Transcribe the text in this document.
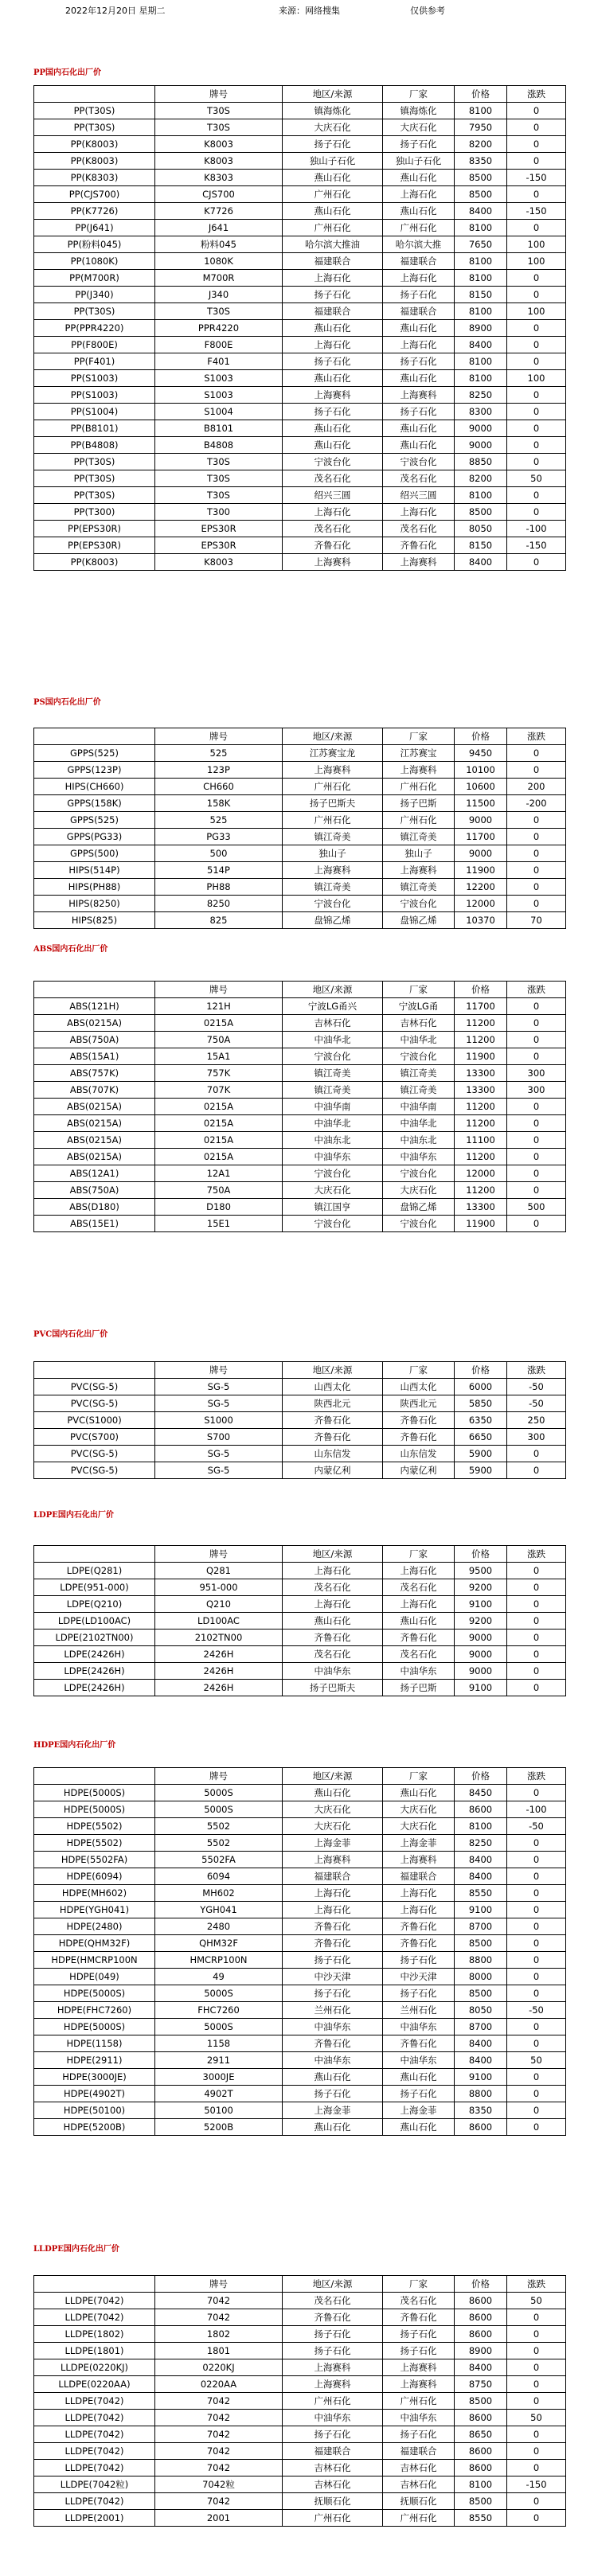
2022年12月20日 星期二	来源：网络搜集	仅供参考
PP国内石化出厂价
	牌号	地区/来源	厂家	价格	涨跌
PP(T30S)	T30S	镇海炼化	镇海炼化	8100	0
PP(T30S)	T30S	大庆石化	大庆石化	7950	0
PP(K8003)	K8003	扬子石化	扬子石化	8200	0
PP(K8003)	K8003	独山子石化	独山子石化	8350	0
PP(K8303)	K8303	燕山石化	燕山石化	8500	-150
PP(CJS700)	CJS700	广州石化	上海石化	8500	0
PP(K7726)	K7726	燕山石化	燕山石化	8400	-150
PP(J641)	J641	广州石化	广州石化	8100	0
PP(粉料045)	粉料045	哈尔滨大推油	哈尔滨大推	7650	100
PP(1080K)	1080K	福建联合	福建联合	8100	100
PP(M700R)	M700R	上海石化	上海石化	8100	0
PP(J340)	J340	扬子石化	扬子石化	8150	0
PP(T30S)	T30S	福建联合	福建联合	8100	100
PP(PPR4220)	PPR4220	燕山石化	燕山石化	8900	0
PP(F800E)	F800E	上海石化	上海石化	8400	0
PP(F401)	F401	扬子石化	扬子石化	8100	0
PP(S1003)	S1003	燕山石化	燕山石化	8100	100
PP(S1003)	S1003	上海赛科	上海赛科	8250	0
PP(S1004)	S1004	扬子石化	扬子石化	8300	0
PP(B8101)	B8101	燕山石化	燕山石化	9000	0
PP(B4808)	B4808	燕山石化	燕山石化	9000	0
PP(T30S)	T30S	宁波台化	宁波台化	8850	0
PP(T30S)	T30S	茂名石化	茂名石化	8200	50
PP(T30S)	T30S	绍兴三圆	绍兴三圆	8100	0
PP(T300)	T300	上海石化	上海石化	8500	0
PP(EPS30R)	EPS30R	茂名石化	茂名石化	8050	-100
PP(EPS30R)	EPS30R	齐鲁石化	齐鲁石化	8150	-150
PP(K8003)	K8003	上海赛科	上海赛科	8400	0
PS国内石化出厂价
	牌号	地区/来源	厂家	价格	涨跌
GPPS(525)	525	江苏赛宝龙	江苏赛宝	9450	0
GPPS(123P)	123P	上海赛科	上海赛科	10100	0
HIPS(CH660)	CH660	广州石化	广州石化	10600	200
GPPS(158K)	158K	扬子巴斯夫	扬子巴斯	11500	-200
GPPS(525)	525	广州石化	广州石化	9000	0
GPPS(PG33)	PG33	镇江奇美	镇江奇美	11700	0
GPPS(500)	500	独山子	独山子	9000	0
HIPS(514P)	514P	上海赛科	上海赛科	11900	0
HIPS(PH88)	PH88	镇江奇美	镇江奇美	12200	0
HIPS(8250)	8250	宁波台化	宁波台化	12000	0
HIPS(825)	825	盘锦乙烯	盘锦乙烯	10370	70
ABS国内石化出厂价
	牌号	地区/来源	厂家	价格	涨跌
ABS(121H)	121H	宁波LG甬兴	宁波LG甬	11700	0
ABS(0215A)	0215A	吉林石化	吉林石化	11200	0
ABS(750A)	750A	中油华北	中油华北	11200	0
ABS(15A1)	15A1	宁波台化	宁波台化	11900	0
ABS(757K)	757K	镇江奇美	镇江奇美	13300	300
ABS(707K)	707K	镇江奇美	镇江奇美	13300	300
ABS(0215A)	0215A	中油华南	中油华南	11200	0
ABS(0215A)	0215A	中油华北	中油华北	11200	0
ABS(0215A)	0215A	中油东北	中油东北	11100	0
ABS(0215A)	0215A	中油华东	中油华东	11200	0
ABS(12A1)	12A1	宁波台化	宁波台化	12000	0
ABS(750A)	750A	大庆石化	大庆石化	11200	0
ABS(D180)	D180	镇江国亨	盘锦乙烯	13300	500
ABS(15E1)	15E1	宁波台化	宁波台化	11900	0
PVC国内石化出厂价
	牌号	地区/来源	厂家	价格	涨跌
PVC(SG-5)	SG-5	山西太化	山西太化	6000	-50
PVC(SG-5)	SG-5	陕西北元	陕西北元	5850	-50
PVC(S1000)	S1000	齐鲁石化	齐鲁石化	6350	250
PVC(S700)	S700	齐鲁石化	齐鲁石化	6650	300
PVC(SG-5)	SG-5	山东信发	山东信发	5900	0
PVC(SG-5)	SG-5	内蒙亿利	内蒙亿利	5900	0
LDPE国内石化出厂价
	牌号	地区/来源	厂家	价格	涨跌
LDPE(Q281)	Q281	上海石化	上海石化	9500	0
LDPE(951-000)	951-000	茂名石化	茂名石化	9200	0
LDPE(Q210)	Q210	上海石化	上海石化	9100	0
LDPE(LD100AC)	LD100AC	燕山石化	燕山石化	9200	0
LDPE(2102TN00)	2102TN00	齐鲁石化	齐鲁石化	9000	0
LDPE(2426H)	2426H	茂名石化	茂名石化	9000	0
LDPE(2426H)	2426H	中油华东	中油华东	9000	0
LDPE(2426H)	2426H	扬子巴斯夫	扬子巴斯	9100	0
HDPE国内石化出厂价
	牌号	地区/来源	厂家	价格	涨跌
HDPE(5000S)	5000S	燕山石化	燕山石化	8450	0
HDPE(5000S)	5000S	大庆石化	大庆石化	8600	-100
HDPE(5502)	5502	大庆石化	大庆石化	8100	-50
HDPE(5502)	5502	上海金菲	上海金菲	8250	0
HDPE(5502FA)	5502FA	上海赛科	上海赛科	8400	0
HDPE(6094)	6094	福建联合	福建联合	8400	0
HDPE(MH602)	MH602	上海石化	上海石化	8550	0
HDPE(YGH041)	YGH041	上海石化	上海石化	9100	0
HDPE(2480)	2480	齐鲁石化	齐鲁石化	8700	0
HDPE(QHM32F)	QHM32F	齐鲁石化	齐鲁石化	8500	0
HDPE(HMCRP100N	HMCRP100N	扬子石化	扬子石化	8800	0
HDPE(049)	49	中沙天津	中沙天津	8000	0
HDPE(5000S)	5000S	扬子石化	扬子石化	8500	0
HDPE(FHC7260)	FHC7260	兰州石化	兰州石化	8050	-50
HDPE(5000S)	5000S	中油华东	中油华东	8700	0
HDPE(1158)	1158	齐鲁石化	齐鲁石化	8400	0
HDPE(2911)	2911	中油华东	中油华东	8400	50
HDPE(3000JE)	3000JE	燕山石化	燕山石化	9100	0
HDPE(4902T)	4902T	扬子石化	扬子石化	8800	0
HDPE(50100)	50100	上海金菲	上海金菲	8350	0
HDPE(5200B)	5200B	燕山石化	燕山石化	8600	0
LLDPE国内石化出厂价
	牌号	地区/来源	厂家	价格	涨跌
LLDPE(7042)	7042	茂名石化	茂名石化	8600	50
LLDPE(7042)	7042	齐鲁石化	齐鲁石化	8600	0
LLDPE(1802)	1802	扬子石化	扬子石化	8600	0
LLDPE(1801)	1801	扬子石化	扬子石化	8900	0
LLDPE(0220KJ)	0220KJ	上海赛科	上海赛科	8400	0
LLDPE(0220AA)	0220AA	上海赛科	上海赛科	8750	0
LLDPE(7042)	7042	广州石化	广州石化	8500	0
LLDPE(7042)	7042	中油华东	中油华东	8600	50
LLDPE(7042)	7042	扬子石化	扬子石化	8650	0
LLDPE(7042)	7042	福建联合	福建联合	8600	0
LLDPE(7042)	7042	吉林石化	吉林石化	8600	0
LLDPE(7042粒)	7042粒	吉林石化	吉林石化	8100	-150
LLDPE(7042)	7042	抚顺石化	抚顺石化	8500	0
LLDPE(2001)	2001	广州石化	广州石化	8550	0
